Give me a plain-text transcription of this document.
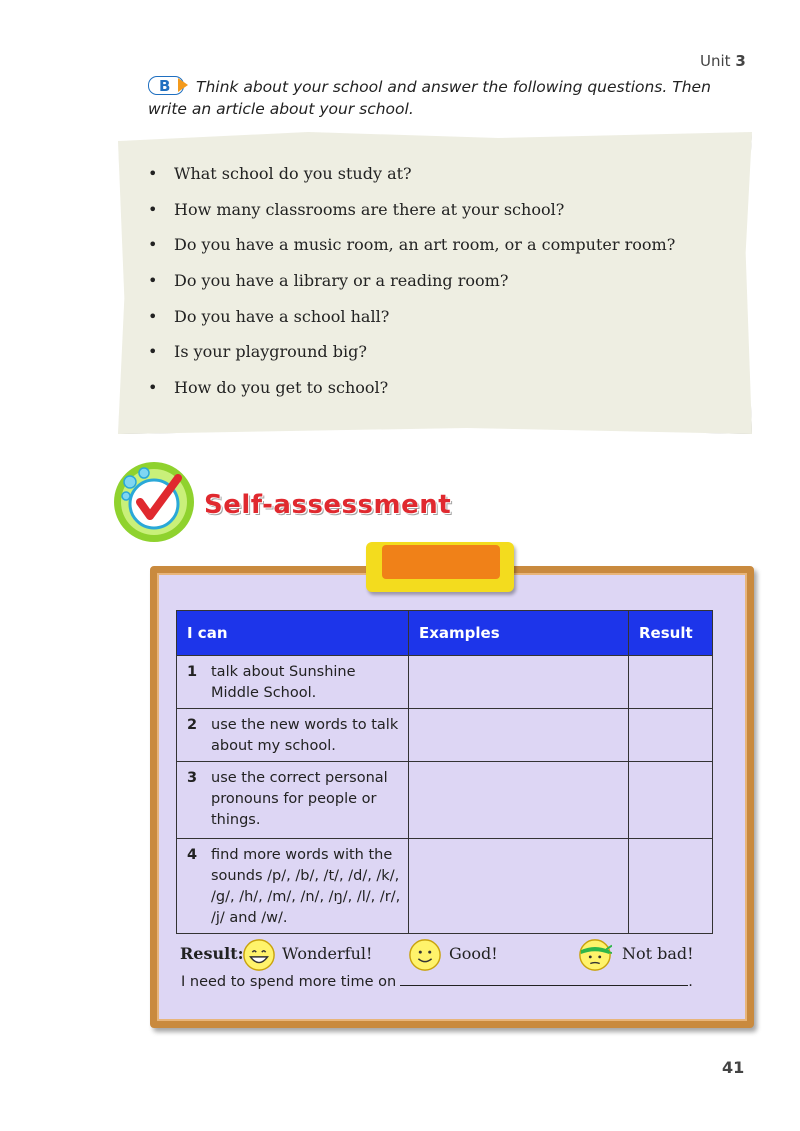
Unit 3
B Think about your school and answer the following questions. Then write an article about your school.
• What school do you study at?
• How many classrooms are there at your school?
• Do you have a music room, an art room, or a computer room?
• Do you have a library or a reading room?
• Do you have a school hall?
• Is your playground big?
• How do you get to school?
Self-assessment
I can	Examples	Result

1 talk about Sunshine Middle School.		

2 use the new words to talk about my school.		

3 use the correct personal pronouns for people or things.		

4 find more words with the sounds /p/, /b/, /t/, /d/, /k/, /g/, /h/, /m/, /n/, /ŋ/, /l/, /r/, /j/ and /w/.		

Result: Wonderful!	Good!	Not bad!
I need to spend more time on	.
41
